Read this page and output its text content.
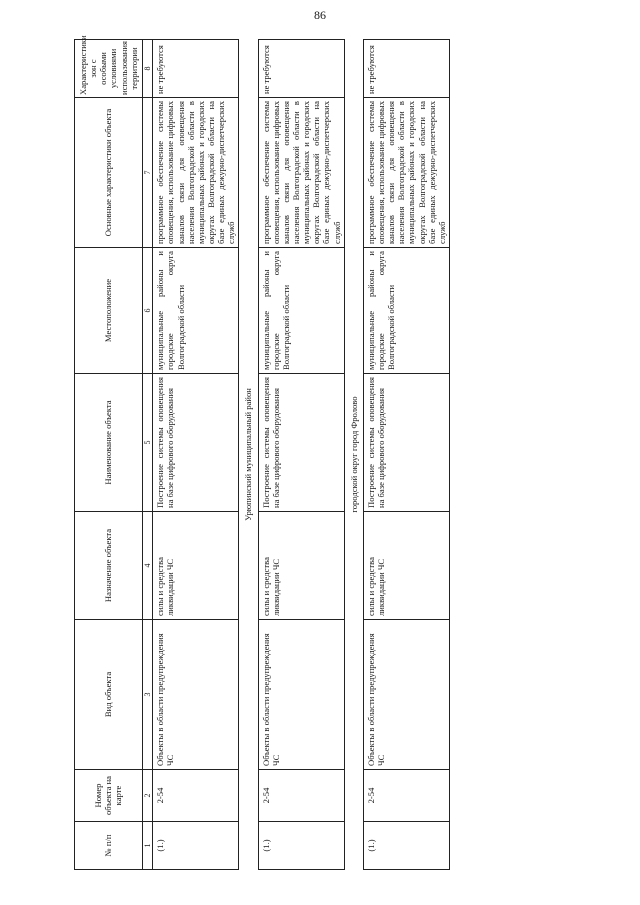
86
№ п/п	Номер объекта на карте	Вид объекта	Назначение объекта	Наименование объекта	Местоположение	Основные характеристики объекта	Характеристики зон с особыми условиями использования территории
1	2	3	4	5	6	7	8
(1.)	2-54	Объекты в области предупреждения ЧС	силы и средства ликвидации ЧС	Построение системы оповещения на базе цифрового оборудования	муниципальные районы и городские округа Волгоградской области	программное обеспечение системы оповещения, использование цифровых каналов связи для оповещения населения Волгоградской области в муниципальных районах и городских округах Волгоградской области на базе единых дежурно-диспетчерских служб	не требуются
Урюпинский муниципальный район							
(1.)	2-54	Объекты в области предупреждения ЧС	силы и средства ликвидации ЧС	Построение системы оповещения на базе цифрового оборудования	муниципальные районы и городские округа Волгоградской области	программное обеспечение системы оповещения, использование цифровых каналов связи для оповещения населения Волгоградской области в муниципальных районах и городских округах Волгоградской области на базе единых дежурно-диспетчерских служб	не требуются
городской округ город Фролово							
(1.)	2-54	Объекты в области предупреждения ЧС	силы и средства ликвидации ЧС	Построение системы оповещения на базе цифрового оборудования	муниципальные районы и городские округа Волгоградской области	программное обеспечение системы оповещения, использование цифровых каналов связи для оповещения населения Волгоградской области в муниципальных районах и городских округах Волгоградской области на базе единых дежурно-диспетчерских служб	не требуются
